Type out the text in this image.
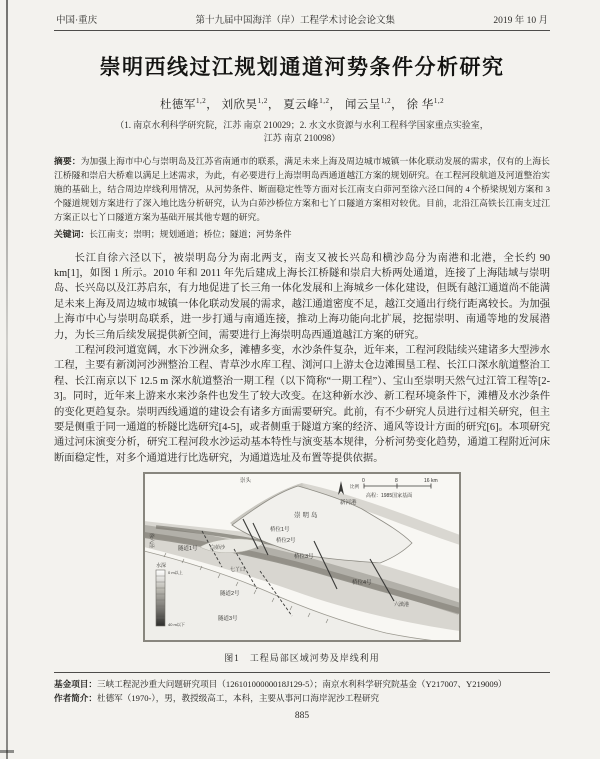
中国·重庆	第十九届中国海洋（岸）工程学术讨论会论文集	2019 年 10 月
崇明西线过江规划通道河势条件分析研究
杜德军$^{1,2}$， 刘欣昊$^{1,2}$， 夏云峰$^{1,2}$， 闻云呈$^{1,2}$， 徐 华$^{1,2}$
（1. 南京水利科学研究院，江苏 南京 210029；2. 水文水资源与水利工程科学国家重点实验室，
江苏 南京 210098）
摘要：为加强上海市中心与崇明岛及江苏省南通市的联系，满足未来上海及周边城市城镇一体化联动发展的需求，仅有的上海长江桥隧和崇启大桥难以满足上述需求，为此，有必要进行上海崇明岛西通道越江方案的规划研究。在工程河段航道及河道整治实施的基础上，结合周边岸线利用情况，从河势条件、断面稳定性等方面对长江南支白茆河至徐六泾口间的 4 个桥梁规划方案和 3 个隧道规划方案进行了深入地比选分析研究，认为白茆沙桥位方案和七丫口隧道方案相对较优。目前，北沿江高铁长江南支过江方案正以七丫口隧道方案为基础开展其他专题的研究。
关键词：长江南支；崇明；规划通道；桥位；隧道；河势条件

长江自徐六泾以下，被崇明岛分为南北两支，南支又被长兴岛和横沙岛分为南港和北港，全长约 90 km[1]，如图 1 所示。2010 年和 2011 年先后建成上海长江桥隧和崇启大桥两处通道，连接了上海陆域与崇明岛、长兴岛以及江苏启东，有力地促进了长三角一体化发展和上海城乡一体化建设，但既有越江通道尚不能满足未来上海及周边城市城镇一体化联动发展的需求，越江通道密度不足，越江交通出行绕行距离较长。为加强上海市中心与崇明岛联系，进一步打通与南通连接，推动上海功能向北扩展，挖掘崇明、南通等地的发展潜力，为长三角后续发展提供新空间，需要进行上海崇明岛西通道越江方案的研究。

工程河段河道宽阔，水下沙洲众多，滩槽多变，水沙条件复杂，近年来，工程河段陆续兴建诸多大型涉水工程，主要有新浏河沙洲整治工程、青草沙水库工程、浏河口上游太仓边滩围垦工程、长江口深水航道整治工程、长江南京以下 12.5 m 深水航道整治一期工程（以下简称“一期工程”）、宝山至崇明天然气过江管工程等[2-3]。同时，近年来上游来水来沙条件也发生了较大改变。在这种新水沙、新工程环境条件下，滩槽及水沙条件的变化更趋复杂。崇明西线通道的建设会有诸多方面需要研究。此前，有不少研究人员进行过相关研究，但主要是侧重于同一通道的桥隧比选研究[4-5]，或者侧重于隧道方案的经济、通风等设计方面的研究[6]。本项研究通过河床演变分析，研究工程河段水沙运动基本特性与演变基本规律，分析河势变化趋势，通道工程附近河床断面稳定性，对多个通道进行比选研究，为通道选址及布置等提供依据。

崇头
新河港
崇明岛
白茆沙
桥位1号
桥位2号
桥位3号
桥位4号
隧道1号
隧道2号
隧道3号
七丫口
六滧港
徐六泾
比例
0	8	16 km
高程：1985国家基面
水深
0 m以上
40 m以下
图1　工程局部区域河势及岸线利用
基金项目：三峡工程泥沙重大问题研究项目（12610100000018J129-5）；南京水利科学研究院基金（Y217007、Y219009）
作者简介：杜德军（1970-），男，教授级高工，本科，主要从事河口海岸泥沙工程研究
885
